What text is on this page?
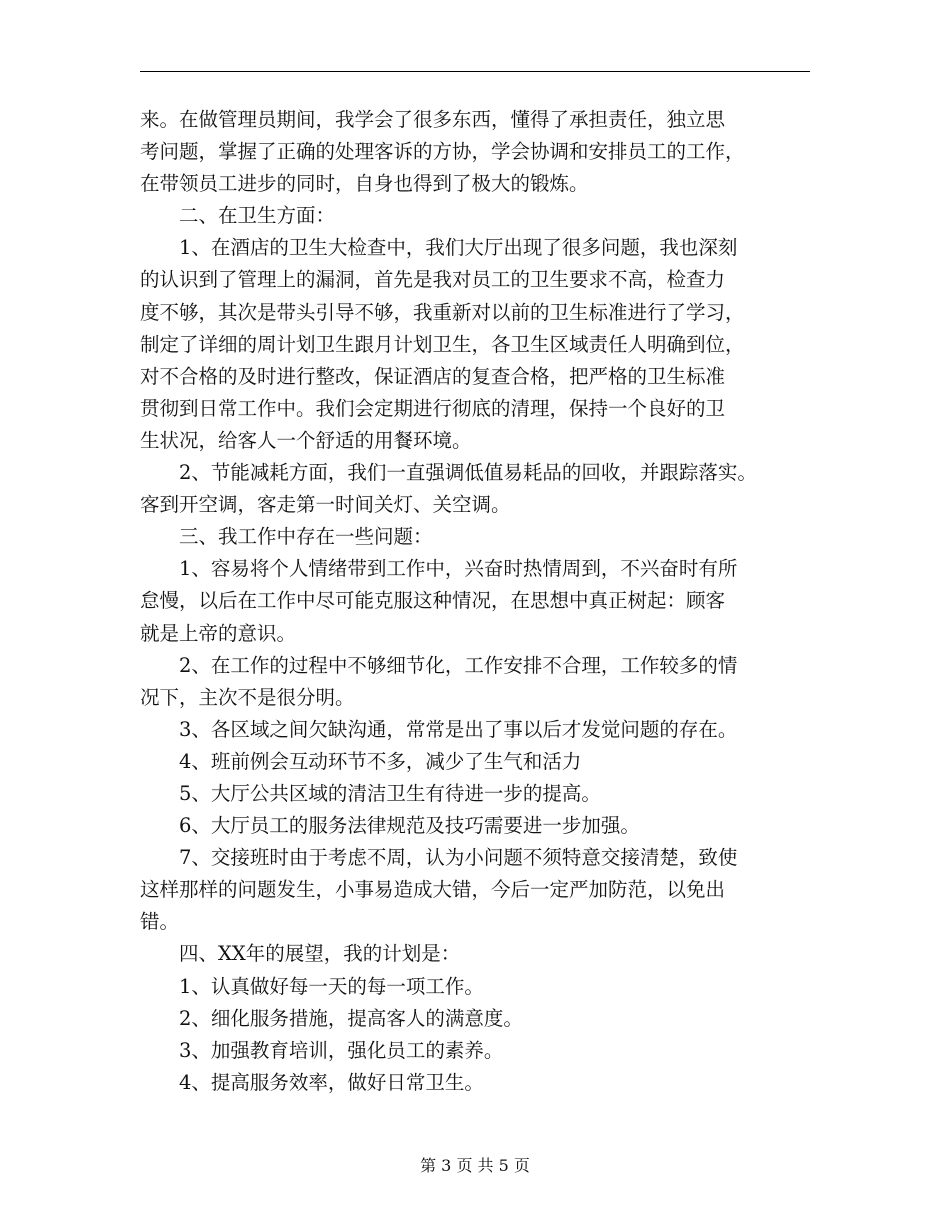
来。在做管理员期间，我学会了很多东西，懂得了承担责任，独立思
考问题，掌握了正确的处理客诉的方协，学会协调和安排员工的工作，
在带领员工进步的同时，自身也得到了极大的锻炼。
　　二、在卫生方面：
　　1、在酒店的卫生大检查中，我们大厅出现了很多问题，我也深刻
的认识到了管理上的漏洞，首先是我对员工的卫生要求不高，检查力
度不够，其次是带头引导不够，我重新对以前的卫生标准进行了学习，
制定了详细的周计划卫生跟月计划卫生，各卫生区域责任人明确到位，
对不合格的及时进行整改，保证酒店的复查合格，把严格的卫生标准
贯彻到日常工作中。我们会定期进行彻底的清理，保持一个良好的卫
生状况，给客人一个舒适的用餐环境。
　　2、节能减耗方面，我们一直强调低值易耗品的回收，并跟踪落实。
客到开空调，客走第一时间关灯、关空调。
　　三、我工作中存在一些问题：
　　1、容易将个人情绪带到工作中，兴奋时热情周到，不兴奋时有所
怠慢，以后在工作中尽可能克服这种情况，在思想中真正树起：顾客
就是上帝的意识。
　　2、在工作的过程中不够细节化，工作安排不合理，工作较多的情
况下，主次不是很分明。
　　3、各区域之间欠缺沟通，常常是出了事以后才发觉问题的存在。
　　4、班前例会互动环节不多，减少了生气和活力
　　5、大厅公共区域的清洁卫生有待进一步的提高。
　　6、大厅员工的服务法律规范及技巧需要进一步加强。
　　7、交接班时由于考虑不周，认为小问题不须特意交接清楚，致使
这样那样的问题发生，小事易造成大错，今后一定严加防范，以免出
错。
　　四、XX年的展望，我的计划是：
　　1、认真做好每一天的每一项工作。
　　2、细化服务措施，提高客人的满意度。
　　3、加强教育培训，强化员工的素养。
　　4、提高服务效率，做好日常卫生。
第 3 页 共 5 页
